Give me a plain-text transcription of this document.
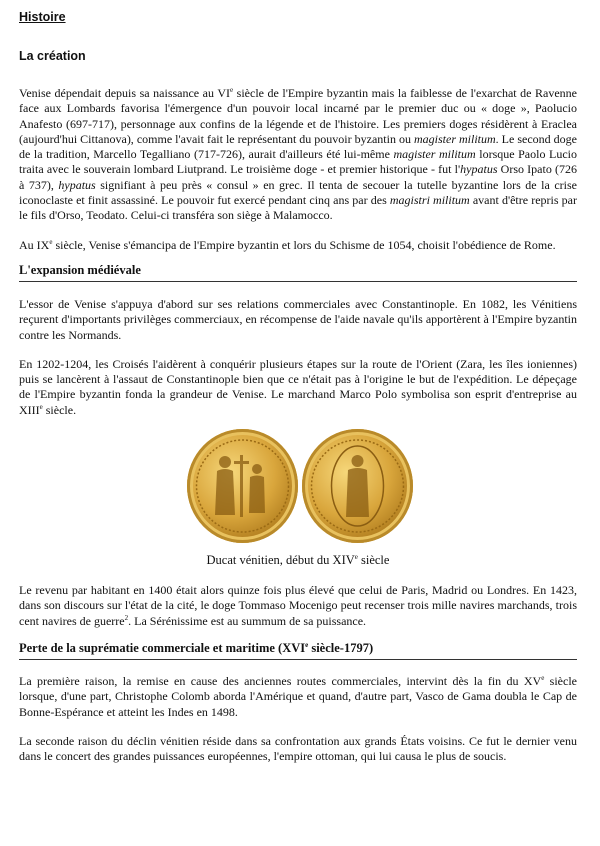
Histoire
La création

Venise dépendait depuis sa naissance au VIe siècle de l'Empire byzantin mais la faiblesse de l'exarchat de Ravenne face aux Lombards favorisa l'émergence d'un pouvoir local incarné par le premier duc ou « doge », Paolucio Anafesto (697-717), personnage aux confins de la légende et de l'histoire. Les premiers doges résidèrent à Eraclea (aujourd'hui Cittanova), comme l'avait fait le représentant du pouvoir byzantin ou magister militum. Le second doge de la tradition, Marcello Tegalliano (717-726), aurait d'ailleurs été lui-même magister militum lorsque Paolo Lucio traita avec le souverain lombard Liutprand. Le troisième doge - et premier historique - fut l'hypatus Orso Ipato (726 à 737), hypatus signifiant à peu près « consul » en grec. Il tenta de secouer la tutelle byzantine lors de la crise iconoclaste et finit assassiné. Le pouvoir fut exercé pendant cinq ans par des magistri militum avant d'être repris par le fils d'Orso, Teodato. Celui-ci transféra son siège à Malamocco.

Au IXe siècle, Venise s'émancipa de l'Empire byzantin et lors du Schisme de 1054, choisit l'obédience de Rome.

L'expansion médiévale

L'essor de Venise s'appuya d'abord sur ses relations commerciales avec Constantinople. En 1082, les Vénitiens reçurent d'importants privilèges commerciaux, en récompense de l'aide navale qu'ils apportèrent à l'Empire byzantin contre les Normands.

En 1202-1204, les Croisés l'aidèrent à conquérir plusieurs étapes sur la route de l'Orient (Zara, les îles ioniennes) puis se lancèrent à l'assaut de Constantinople bien que ce n'était pas à l'origine le but de l'expédition. Le dépeçage de l'Empire byzantin fonda la grandeur de Venise. Le marchand Marco Polo symbolisa son esprit d'entreprise au XIIIe siècle.

Ducat vénitien, début du XIVe siècle

Le revenu par habitant en 1400 était alors quinze fois plus élevé que celui de Paris, Madrid ou Londres. En 1423, dans son discours sur l'état de la cité, le doge Tommaso Mocenigo peut recenser trois mille navires marchands, trois cent navires de guerre$^2$. La Sérénissime est au summum de sa puissance.

Perte de la suprématie commerciale et maritime (XVIe siècle-1797)

La première raison, la remise en cause des anciennes routes commerciales, intervint dès la fin du XVe siècle lorsque, d'une part, Christophe Colomb aborda l'Amérique et quand, d'autre part, Vasco de Gama doubla le Cap de Bonne-Espérance et atteint les Indes en 1498.

La seconde raison du déclin vénitien réside dans sa confrontation aux grands États voisins. Ce fut le dernier venu dans le concert des grandes puissances européennes, l'empire ottoman, qui lui causa le plus de soucis.
